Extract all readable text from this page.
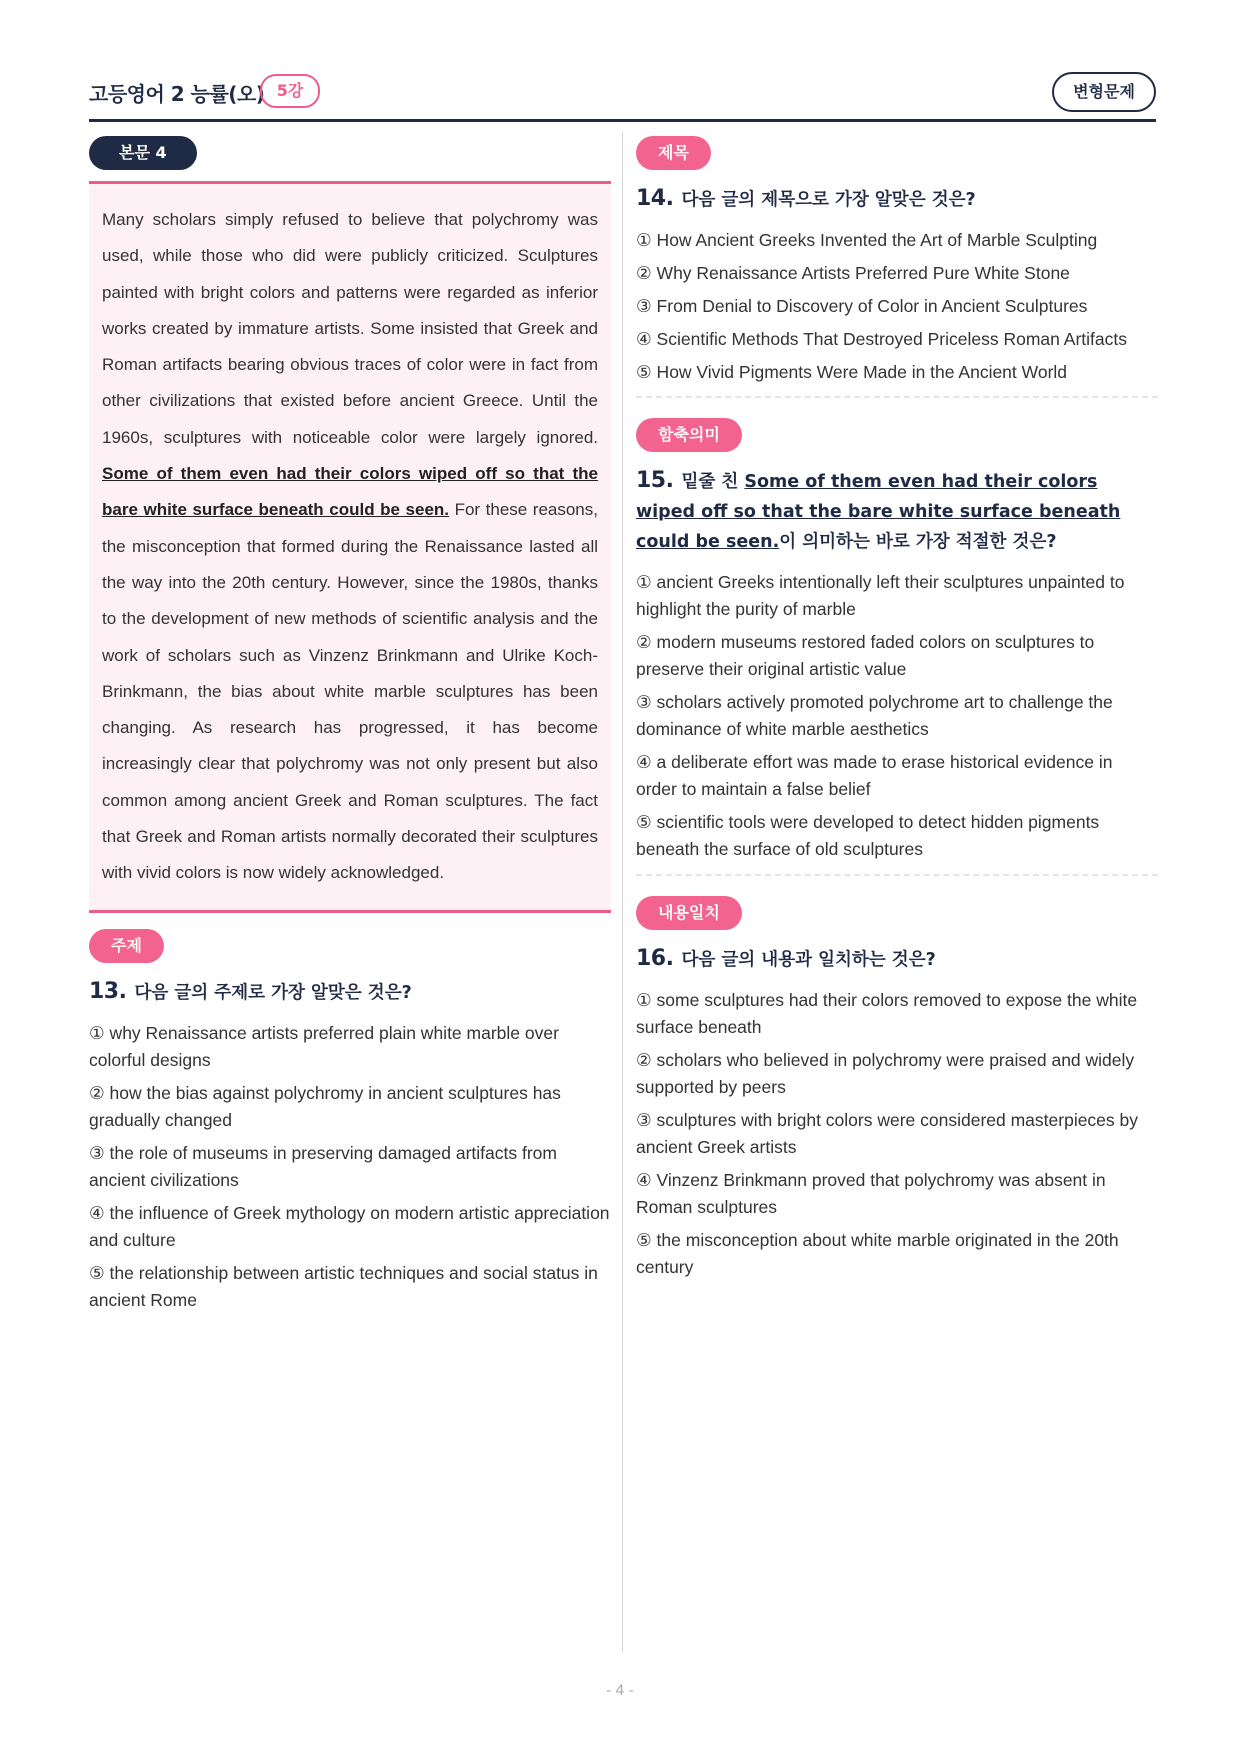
고등영어 2 능률(오) 5강	변형문제
본문 4
Many scholars simply refused to believe that polychromy was used, while those who did were publicly criticized. Sculptures painted with bright colors and patterns were regarded as inferior works created by immature artists. Some insisted that Greek and Roman artifacts bearing obvious traces of color were in fact from other civilizations that existed before ancient Greece. Until the 1960s, sculptures with noticeable color were largely ignored. Some of them even had their colors wiped off so that the bare white surface beneath could be seen. For these reasons, the misconception that formed during the Renaissance lasted all the way into the 20th century. However, since the 1980s, thanks to the development of new methods of scientific analysis and the work of scholars such as Vinzenz Brinkmann and Ulrike Koch-Brinkmann, the bias about white marble sculptures has been changing. As research has progressed, it has become increasingly clear that polychromy was not only present but also common among ancient Greek and Roman sculptures. The fact that Greek and Roman artists normally decorated their sculptures with vivid colors is now widely acknowledged.
주제
13. 다음 글의 주제로 가장 알맞은 것은?
① why Renaissance artists preferred plain white marble over colorful designs
② how the bias against polychromy in ancient sculptures has gradually changed
③ the role of museums in preserving damaged artifacts from ancient civilizations
④ the influence of Greek mythology on modern artistic appreciation and culture
⑤ the relationship between artistic techniques and social status in ancient Rome
제목
14. 다음 글의 제목으로 가장 알맞은 것은?
① How Ancient Greeks Invented the Art of Marble Sculpting
② Why Renaissance Artists Preferred Pure White Stone
③ From Denial to Discovery of Color in Ancient Sculptures
④ Scientific Methods That Destroyed Priceless Roman Artifacts
⑤ How Vivid Pigments Were Made in the Ancient World
함축의미
15. 밑줄 친 Some of them even had their colors wiped off so that the bare white surface beneath could be seen.이 의미하는 바로 가장 적절한 것은?
① ancient Greeks intentionally left their sculptures unpainted to highlight the purity of marble
② modern museums restored faded colors on sculptures to preserve their original artistic value
③ scholars actively promoted polychrome art to challenge the dominance of white marble aesthetics
④ a deliberate effort was made to erase historical evidence in order to maintain a false belief
⑤ scientific tools were developed to detect hidden pigments beneath the surface of old sculptures
내용일치
16. 다음 글의 내용과 일치하는 것은?
① some sculptures had their colors removed to expose the white surface beneath
② scholars who believed in polychromy were praised and widely supported by peers
③ sculptures with bright colors were considered masterpieces by ancient Greek artists
④ Vinzenz Brinkmann proved that polychromy was absent in Roman sculptures
⑤ the misconception about white marble originated in the 20th century
- 4 -
